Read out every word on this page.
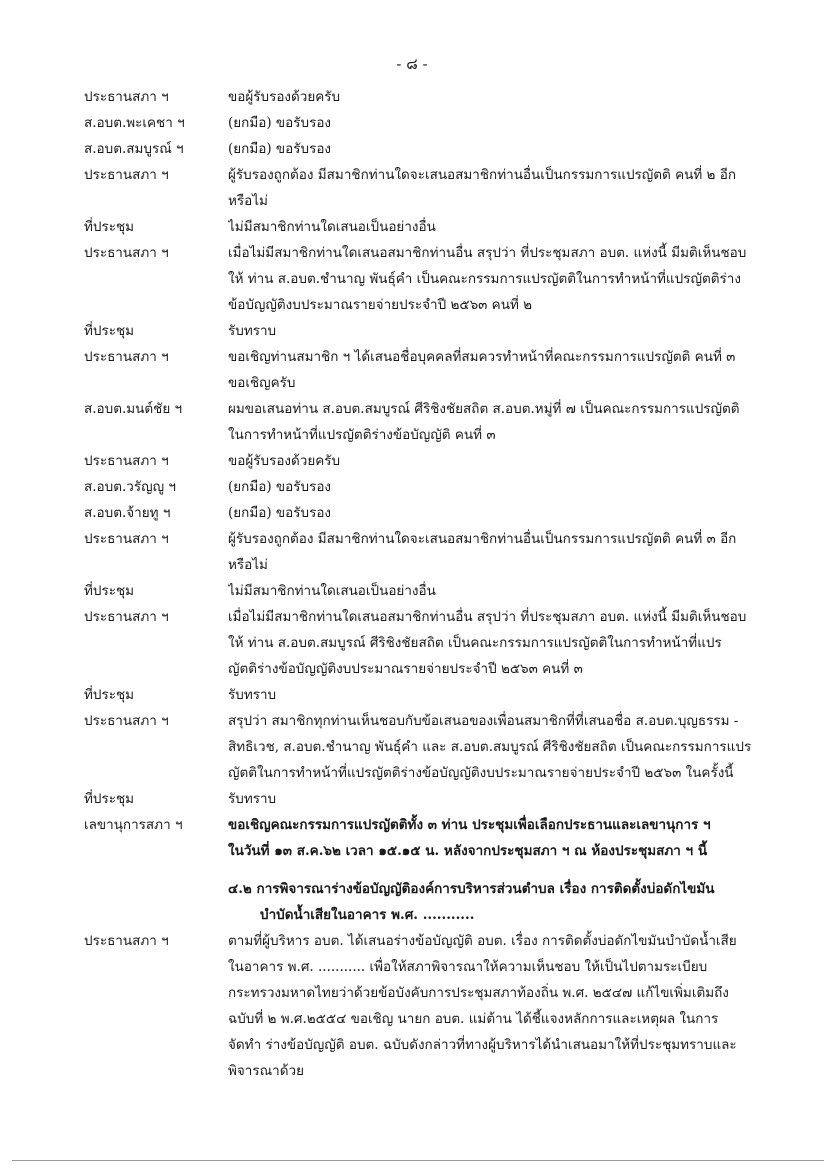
- ๘ -
ประธานสภา ฯ	ขอผู้รับรองด้วยครับ
ส.อบต.พะเคชา ฯ	(ยกมือ) ขอรับรอง
ส.อบต.สมบูรณ์ ฯ	(ยกมือ) ขอรับรอง
ประธานสภา ฯ	ผู้รับรองถูกต้อง มีสมาชิกท่านใดจะเสนอสมาชิกท่านอื่นเป็นกรรมการแปรญัตติ คนที่ ๒ อีก
หรือไม่
ที่ประชุม	ไม่มีสมาชิกท่านใดเสนอเป็นอย่างอื่น
ประธานสภา ฯ	เมื่อไม่มีสมาชิกท่านใดเสนอสมาชิกท่านอื่น สรุปว่า ที่ประชุมสภา อบต. แห่งนี้ มีมติเห็นชอบ
ให้ ท่าน ส.อบต.ชำนาญ พันธุ์คำ เป็นคณะกรรมการแปรญัตติในการทำหน้าที่แปรญัตติร่าง
ข้อบัญญัติงบประมาณรายจ่ายประจำปี ๒๕๖๓ คนที่ ๒
ที่ประชุม	รับทราบ
ประธานสภา ฯ	ขอเชิญท่านสมาชิก ฯ ได้เสนอชื่อบุคคลที่สมควรทำหน้าที่คณะกรรมการแปรญัตติ คนที่ ๓
ขอเชิญครับ
ส.อบต.มนต์ชัย ฯ	ผมขอเสนอท่าน ส.อบต.สมบูรณ์ ศีริชิงชัยสถิต ส.อบต.หมู่ที่ ๗ เป็นคณะกรรมการแปรญัตติ
ในการทำหน้าที่แปรญัตติร่างข้อบัญญัติ คนที่ ๓
ประธานสภา ฯ	ขอผู้รับรองด้วยครับ
ส.อบต.วรัญญู ฯ	(ยกมือ) ขอรับรอง
ส.อบต.จ้ายทู ฯ	(ยกมือ) ขอรับรอง
ประธานสภา ฯ	ผู้รับรองถูกต้อง มีสมาชิกท่านใดจะเสนอสมาชิกท่านอื่นเป็นกรรมการแปรญัตติ คนที่ ๓ อีก
หรือไม่
ที่ประชุม	ไม่มีสมาชิกท่านใดเสนอเป็นอย่างอื่น
ประธานสภา ฯ	เมื่อไม่มีสมาชิกท่านใดเสนอสมาชิกท่านอื่น สรุปว่า ที่ประชุมสภา อบต. แห่งนี้ มีมติเห็นชอบ
ให้ ท่าน ส.อบต.สมบูรณ์ ศีริชิงชัยสถิต เป็นคณะกรรมการแปรญัตติในการทำหน้าที่แปร
ญัตติร่างข้อบัญญัติงบประมาณรายจ่ายประจำปี ๒๕๖๓ คนที่ ๓
ที่ประชุม	รับทราบ
ประธานสภา ฯ	สรุปว่า สมาชิกทุกท่านเห็นชอบกับข้อเสนอของเพื่อนสมาชิกที่ที่เสนอชื่อ ส.อบต.บุญธรรม -
สิทธิเวช, ส.อบต.ชำนาญ พันธุ์คำ และ ส.อบต.สมบูรณ์ ศีริชิงชัยสถิต เป็นคณะกรรมการแปร
ญัตติในการทำหน้าที่แปรญัตติร่างข้อบัญญัติงบประมาณรายจ่ายประจำปี ๒๕๖๓ ในครั้งนี้
ที่ประชุม	รับทราบ
เลขานุการสภา ฯ	ขอเชิญคณะกรรมการแปรญัตติทั้ง ๓ ท่าน ประชุมเพื่อเลือกประธานและเลขานุการ ฯ
ในวันที่ ๑๓ ส.ค.๖๒ เวลา ๑๕.๑๕ น. หลังจากประชุมสภา ฯ ณ ห้องประชุมสภา ฯ นี้
๔.๒ การพิจารณาร่างข้อบัญญัติองค์การบริหารส่วนตำบล เรื่อง การติดตั้งบ่อดักไขมัน
บำบัดน้ำเสียในอาคาร พ.ศ. ...........
ประธานสภา ฯ	ตามที่ผู้บริหาร อบต. ได้เสนอร่างข้อบัญญัติ อบต. เรื่อง การติดตั้งบ่อดักไขมันบำบัดน้ำเสีย
ในอาคาร พ.ศ. ........... เพื่อให้สภาพิจารณาให้ความเห็นชอบ ให้เป็นไปตามระเบียบ
กระทรวงมหาดไทยว่าด้วยข้อบังคับการประชุมสภาท้องถิ่น พ.ศ. ๒๕๔๗ แก้ไขเพิ่มเติมถึง
ฉบับที่ ๒ พ.ศ.๒๕๕๔ ขอเชิญ นายก อบต. แม่ต้าน ได้ชี้แจงหลักการและเหตุผล ในการ
จัดทำ ร่างข้อบัญญัติ อบต. ฉบับดังกล่าวที่ทางผู้บริหารได้นำเสนอมาให้ที่ประชุมทราบและ
พิจารณาด้วย
